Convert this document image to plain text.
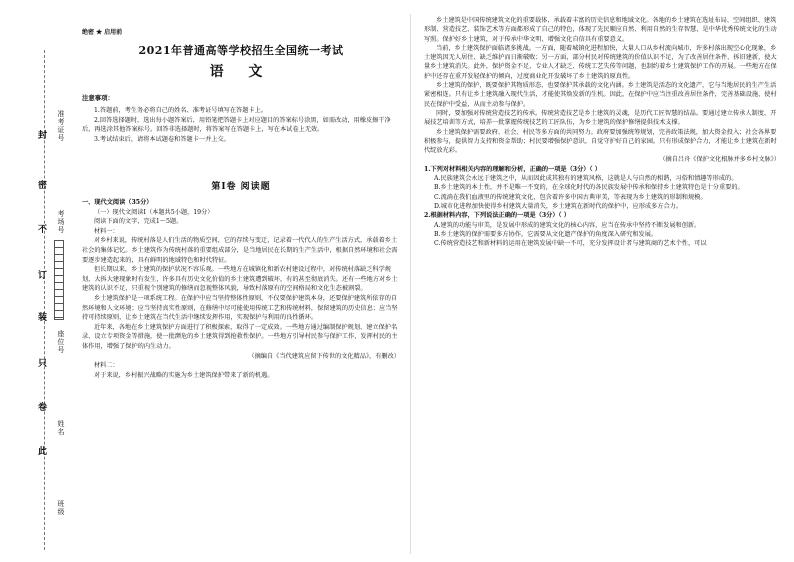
封
密
不
订
装
只
卷
此
准考证号
考场号
座位号
姓名
班级
绝密 ★ 启用前
2021年普通高等学校招生全国统一考试
语 文
注意事项：

1.答题前，考生务必将自己的姓名、准考证号填写在答题卡上。

2.回答选择题时，选出每小题答案后，用铅笔把答题卡上对应题目的答案标号涂黑，如需改动，用橡皮擦干净后，再选涂其他答案标号。回答非选择题时，将答案写在答题卡上，写在本试卷上无效。

3.考试结束后，请将本试题卷和答题卡一并上交。

第Ⅰ卷 阅读题

一、现代文阅读（35分）

（一）现代文阅读Ⅰ（本题共5小题，19分）

阅读下面的文字，完成1～5题。

材料一：

对乡村来说，传统村落是人们生活的物质空间，它的存续与变迁，记录着一代代人的生产生活方式，承载着乡土社会的集体记忆。乡土建筑作为传统村落的重要组成部分，是当地居民在长期的生产生活中，根据自然环境和社会需要逐步建造起来的，具有鲜明的地域特色和时代特征。

但长期以来，乡土建筑的保护状况不容乐观。一些地方在城镇化和新农村建设过程中，对传统村落缺乏科学规划，大拆大建现象时有发生，许多具有历史文化价值的乡土建筑遭到破坏，有的甚至彻底消失。还有一些地方对乡土建筑的认识不足，只重视个别建筑的修缮而忽视整体风貌，导致村落原有的空间格局和文化生态被割裂。

乡土建筑保护是一项系统工程。在保护中应当坚持整体性原则，不仅要保护建筑本身，还要保护建筑所依存的自然环境和人文环境；应当坚持真实性原则，在修缮中尽可能使用传统工艺和传统材料，保留建筑的历史信息；应当坚持可持续原则，让乡土建筑在当代生活中继续发挥作用，实现保护与利用的良性循环。

近年来，各地在乡土建筑保护方面进行了积极探索，取得了一定成效。一些地方通过编制保护规划、建立保护名录、设立专项资金等措施，使一批濒危的乡土建筑得到抢救性保护。一些地方引导村民参与保护工作，发挥村民的主体作用，增强了保护的内生动力。

（摘编自《当代建筑应留下传世的文化精品》，有删改）

材料二：

对于来说，乡村振兴战略的实施为乡土建筑保护带来了新的机遇。

乡土建筑是中国传统建筑文化的重要载体，承载着丰富的历史信息和地域文化。各地的乡土建筑在选址布局、空间组织、建筑形制、营造技艺、装饰艺术等方面都形成了自己的特色，体现了先民顺应自然、利用自然的生存智慧，是中华优秀传统文化的生动写照。保护好乡土建筑，对于传承中华文明、增强文化自信具有重要意义。

当前，乡土建筑保护面临诸多挑战。一方面，随着城镇化进程加快，大量人口从乡村流向城市，许多村落出现空心化现象，乡土建筑因无人居住、缺乏维护而日渐破败；另一方面，部分村民对传统建筑的价值认识不足，为了改善居住条件，拆旧建新，使大量乡土建筑消失。此外，保护资金不足、专业人才缺乏、传统工艺失传等问题，也制约着乡土建筑保护工作的开展。一些地方在保护中还存在重开发轻保护的倾向，过度商业化开发破坏了乡土建筑的原真性。

乡土建筑的保护，既要保护其物质形态，也要保护其承载的文化内涵。乡土建筑是活态的文化遗产，它与当地居民的生产生活紧密相连。只有让乡土建筑融入现代生活，才能使其焕发新的生机。因此，在保护中应当注重改善居住条件，完善基础设施，使村民在保护中受益，从而主动参与保护。

同时，要加强对传统营造技艺的传承。传统营造技艺是乡土建筑的灵魂，是历代工匠智慧的结晶。要通过建立传承人制度、开展技艺培训等方式，培养一批掌握传统技艺的工匠队伍，为乡土建筑的保护修缮提供技术支撑。

乡土建筑保护需要政府、社会、村民等多方面的共同努力。政府要加强统筹规划，完善政策法规，加大资金投入；社会各界要积极参与，提供智力支持和资金帮助；村民要增强保护意识，自觉守护好自己的家园。只有形成保护合力，才能让乡土建筑在新时代绽放光彩。

（摘自吕舟《保护文化根脉并多乡村文脉》）

1.下列对材料相关内容的理解和分析，正确的一项是（3分）（ ）

A.民族建筑会永远于建筑之中，从而因此成其独有的建筑风格，这就是人与自然的相谐，习俗和情趣等形成的。

B.乡土建筑的本土性，并不是唯一不变的，在全球化时代的各民族发展中传承和保持乡土建筑特色是十分重要的。

C.流淌在我们血液里的传统建筑文化，包含着许多中国古典审美，等表现为乡土建筑的形制和规模。

D.城市化进程加快使得乡村建筑大量消失，乡土建筑在新时代的保护中，应形成多方合力。

2.根据材料内容，下列说法正确的一项是（3分）（ ）

A.建筑的功能与审美，是发展中形成的建筑文化的核心内容，应当在传承中坚持不断发展和创新。

B.乡土建筑的保护需要多方协作，它需要从文化遗产保护的角度深入研究和发展。

C.传统营造技艺和新材料的运用在建筑发展中缺一不可，充分发挥设计者与建筑商的艺术个性，可以
